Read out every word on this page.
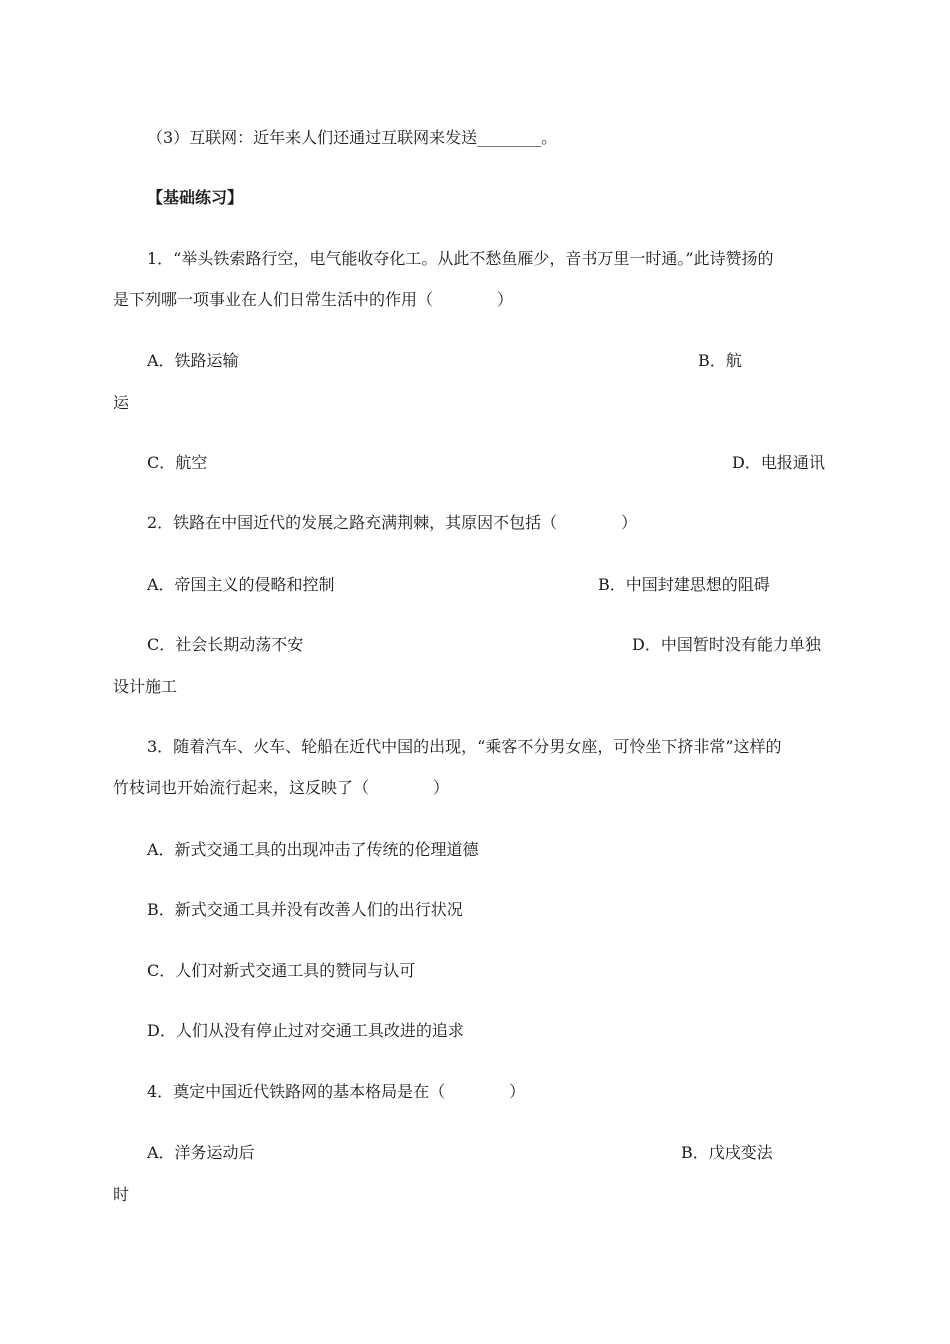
（3）互联网：近年来人们还通过互联网来发送________。
【基础练习】
1．“举头铁索路行空，电气能收夺化工。从此不愁鱼雁少，音书万里一时通。”此诗赞扬的
是下列哪一项事业在人们日常生活中的作用（　　　　）
A．铁路运输	B．航
运
C．航空	D．电报通讯
2．铁路在中国近代的发展之路充满荆棘，其原因不包括（　　　　）
A．帝国主义的侵略和控制	B．中国封建思想的阻碍
C．社会长期动荡不安	D．中国暂时没有能力单独
设计施工
3．随着汽车、火车、轮船在近代中国的出现，“乘客不分男女座，可怜坐下挤非常”这样的
竹枝词也开始流行起来，这反映了（　　　　）
A．新式交通工具的出现冲击了传统的伦理道德
B．新式交通工具并没有改善人们的出行状况
C．人们对新式交通工具的赞同与认可
D．人们从没有停止过对交通工具改进的追求
4．奠定中国近代铁路网的基本格局是在（　　　　）
A．洋务运动后	B．戊戌变法
时
